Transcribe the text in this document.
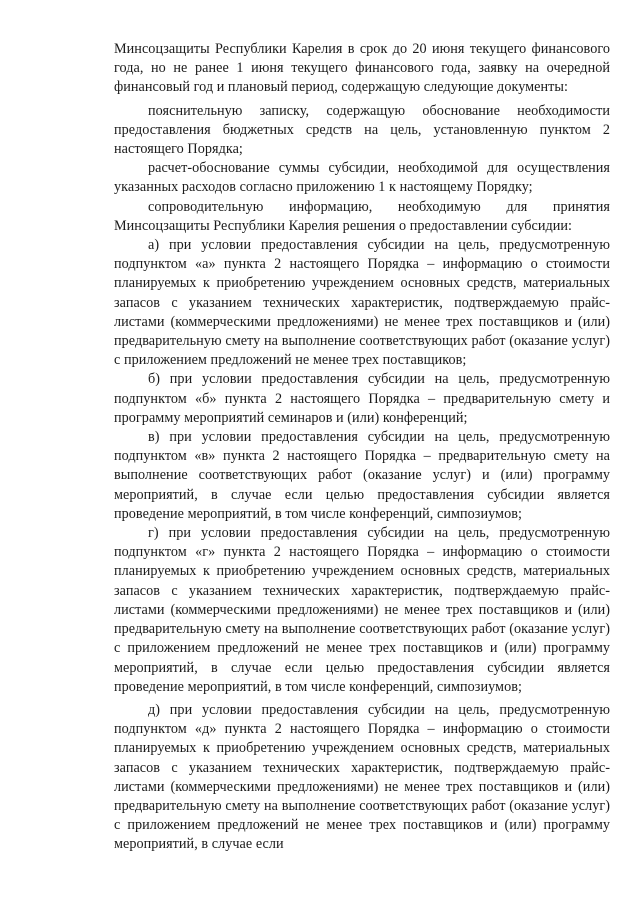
Минсоцзащиты Республики Карелия в срок до 20 июня текущего финансового года, но не ранее 1 июня текущего финансового года, заявку на очередной финансовый год и плановый период, содержащую следующие документы:

пояснительную записку, содержащую обоснование необходимости предоставления бюджетных средств на цель, установленную пунктом 2 настоящего Порядка;

расчет-обоснование суммы субсидии, необходимой для осуществления указанных расходов согласно приложению 1 к настоящему Порядку;

сопроводительную информацию, необходимую для принятия Минсоцзащиты Республики Карелия решения о предоставлении субсидии:

а) при условии предоставления субсидии на цель, предусмотренную подпунктом «а» пункта 2 настоящего Порядка – информацию о стоимости планируемых к приобретению учреждением основных средств, материальных запасов с указанием технических характеристик, подтверждаемую прайс-листами (коммерческими предложениями) не менее трех поставщиков и (или) предварительную смету на выполнение соответствующих работ (оказание услуг) с приложением предложений не менее трех поставщиков;

б) при условии предоставления субсидии на цель, предусмотренную подпунктом «б» пункта 2 настоящего Порядка – предварительную смету и программу мероприятий семинаров и (или) конференций;

в) при условии предоставления субсидии на цель, предусмотренную подпунктом «в» пункта 2 настоящего Порядка – предварительную смету на выполнение соответствующих работ (оказание услуг) и (или) программу мероприятий, в случае если целью предоставления субсидии является проведение мероприятий, в том числе конференций, симпозиумов;

г) при условии предоставления субсидии на цель, предусмотренную подпунктом «г» пункта 2 настоящего Порядка – информацию о стоимости планируемых к приобретению учреждением основных средств, материальных запасов с указанием технических характеристик, подтверждаемую прайс-листами (коммерческими предложениями) не менее трех поставщиков и (или) предварительную смету на выполнение соответствующих работ (оказание услуг) с приложением предложений не менее трех поставщиков и (или) программу мероприятий, в случае если целью предоставления субсидии является проведение мероприятий, в том числе конференций, симпозиумов;

д) при условии предоставления субсидии на цель, предусмотренную подпунктом «д» пункта 2 настоящего Порядка – информацию о стоимости планируемых к приобретению учреждением основных средств, материальных запасов с указанием технических характеристик, подтверждаемую прайс-листами (коммерческими предложениями) не менее трех поставщиков и (или) предварительную смету на выполнение соответствующих работ (оказание услуг) с приложением предложений не менее трех поставщиков и (или) программу мероприятий, в случае если
